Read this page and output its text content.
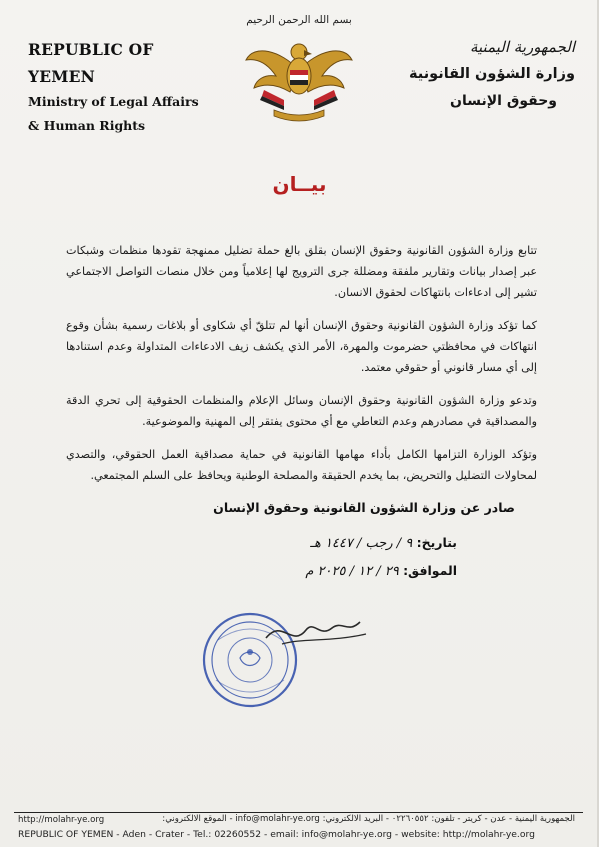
REPUBLIC OF YEMEN
Ministry of Legal Affairs
& Human Rights
بسم الله الرحمن الرحيم
الجمهورية اليمنية
وزارة الشؤون القانونية
وحقوق الإنسان
بيــان

تتابع وزارة الشؤون القانونية وحقوق الإنسان بقلق بالغ حملة تضليل ممنهجة تقودها منظمات وشبكات عبر إصدار بيانات وتقارير ملفقة ومضللة جرى الترويج لها إعلامياً ومن خلال منصات التواصل الاجتماعي تشير إلى ادعاءات بانتهاكات لحقوق الانسان.

كما تؤكد وزارة الشؤون القانونية وحقوق الإنسان أنها لم تتلقّ أي شكاوى أو بلاغات رسمية بشأن وقوع انتهاكات في محافظتي حضرموت والمهرة، الأمر الذي يكشف زيف الادعاءات المتداولة وعدم استنادها إلى أي مسار قانوني أو حقوقي معتمد.

وتدعو وزارة الشؤون القانونية وحقوق الإنسان وسائل الإعلام والمنظمات الحقوقية إلى تحري الدقة والمصداقية في مصادرهم وعدم التعاطي مع أي محتوى يفتقر إلى المهنية والموضوعية.

وتؤكد الوزارة التزامها الكامل بأداء مهامها القانونية في حماية مصداقية العمل الحقوقي، والتصدي لمحاولات التضليل والتحريض، بما يخدم الحقيقة والمصلحة الوطنية ويحافظ على السلم المجتمعي.

صادر عن وزارة الشؤون القانونية وحقوق الإنسان
بتاريخ: ٩ / رجب / ١٤٤٧ هـ
الموافق: ٢٩ / ١٢ / ٢٠٢٥ م
http://molahr-ye.org	الجمهورية اليمنية - عدن - كريتر - تلفون: ٠٢٢٦٠٥٥٢ - البريد الالكتروني: info@molahr-ye.org - الموقع الالكتروني:
REPUBLIC OF YEMEN - Aden - Crater - Tel.: 02260552 - email: info@molahr-ye.org - website: http://molahr-ye.org
